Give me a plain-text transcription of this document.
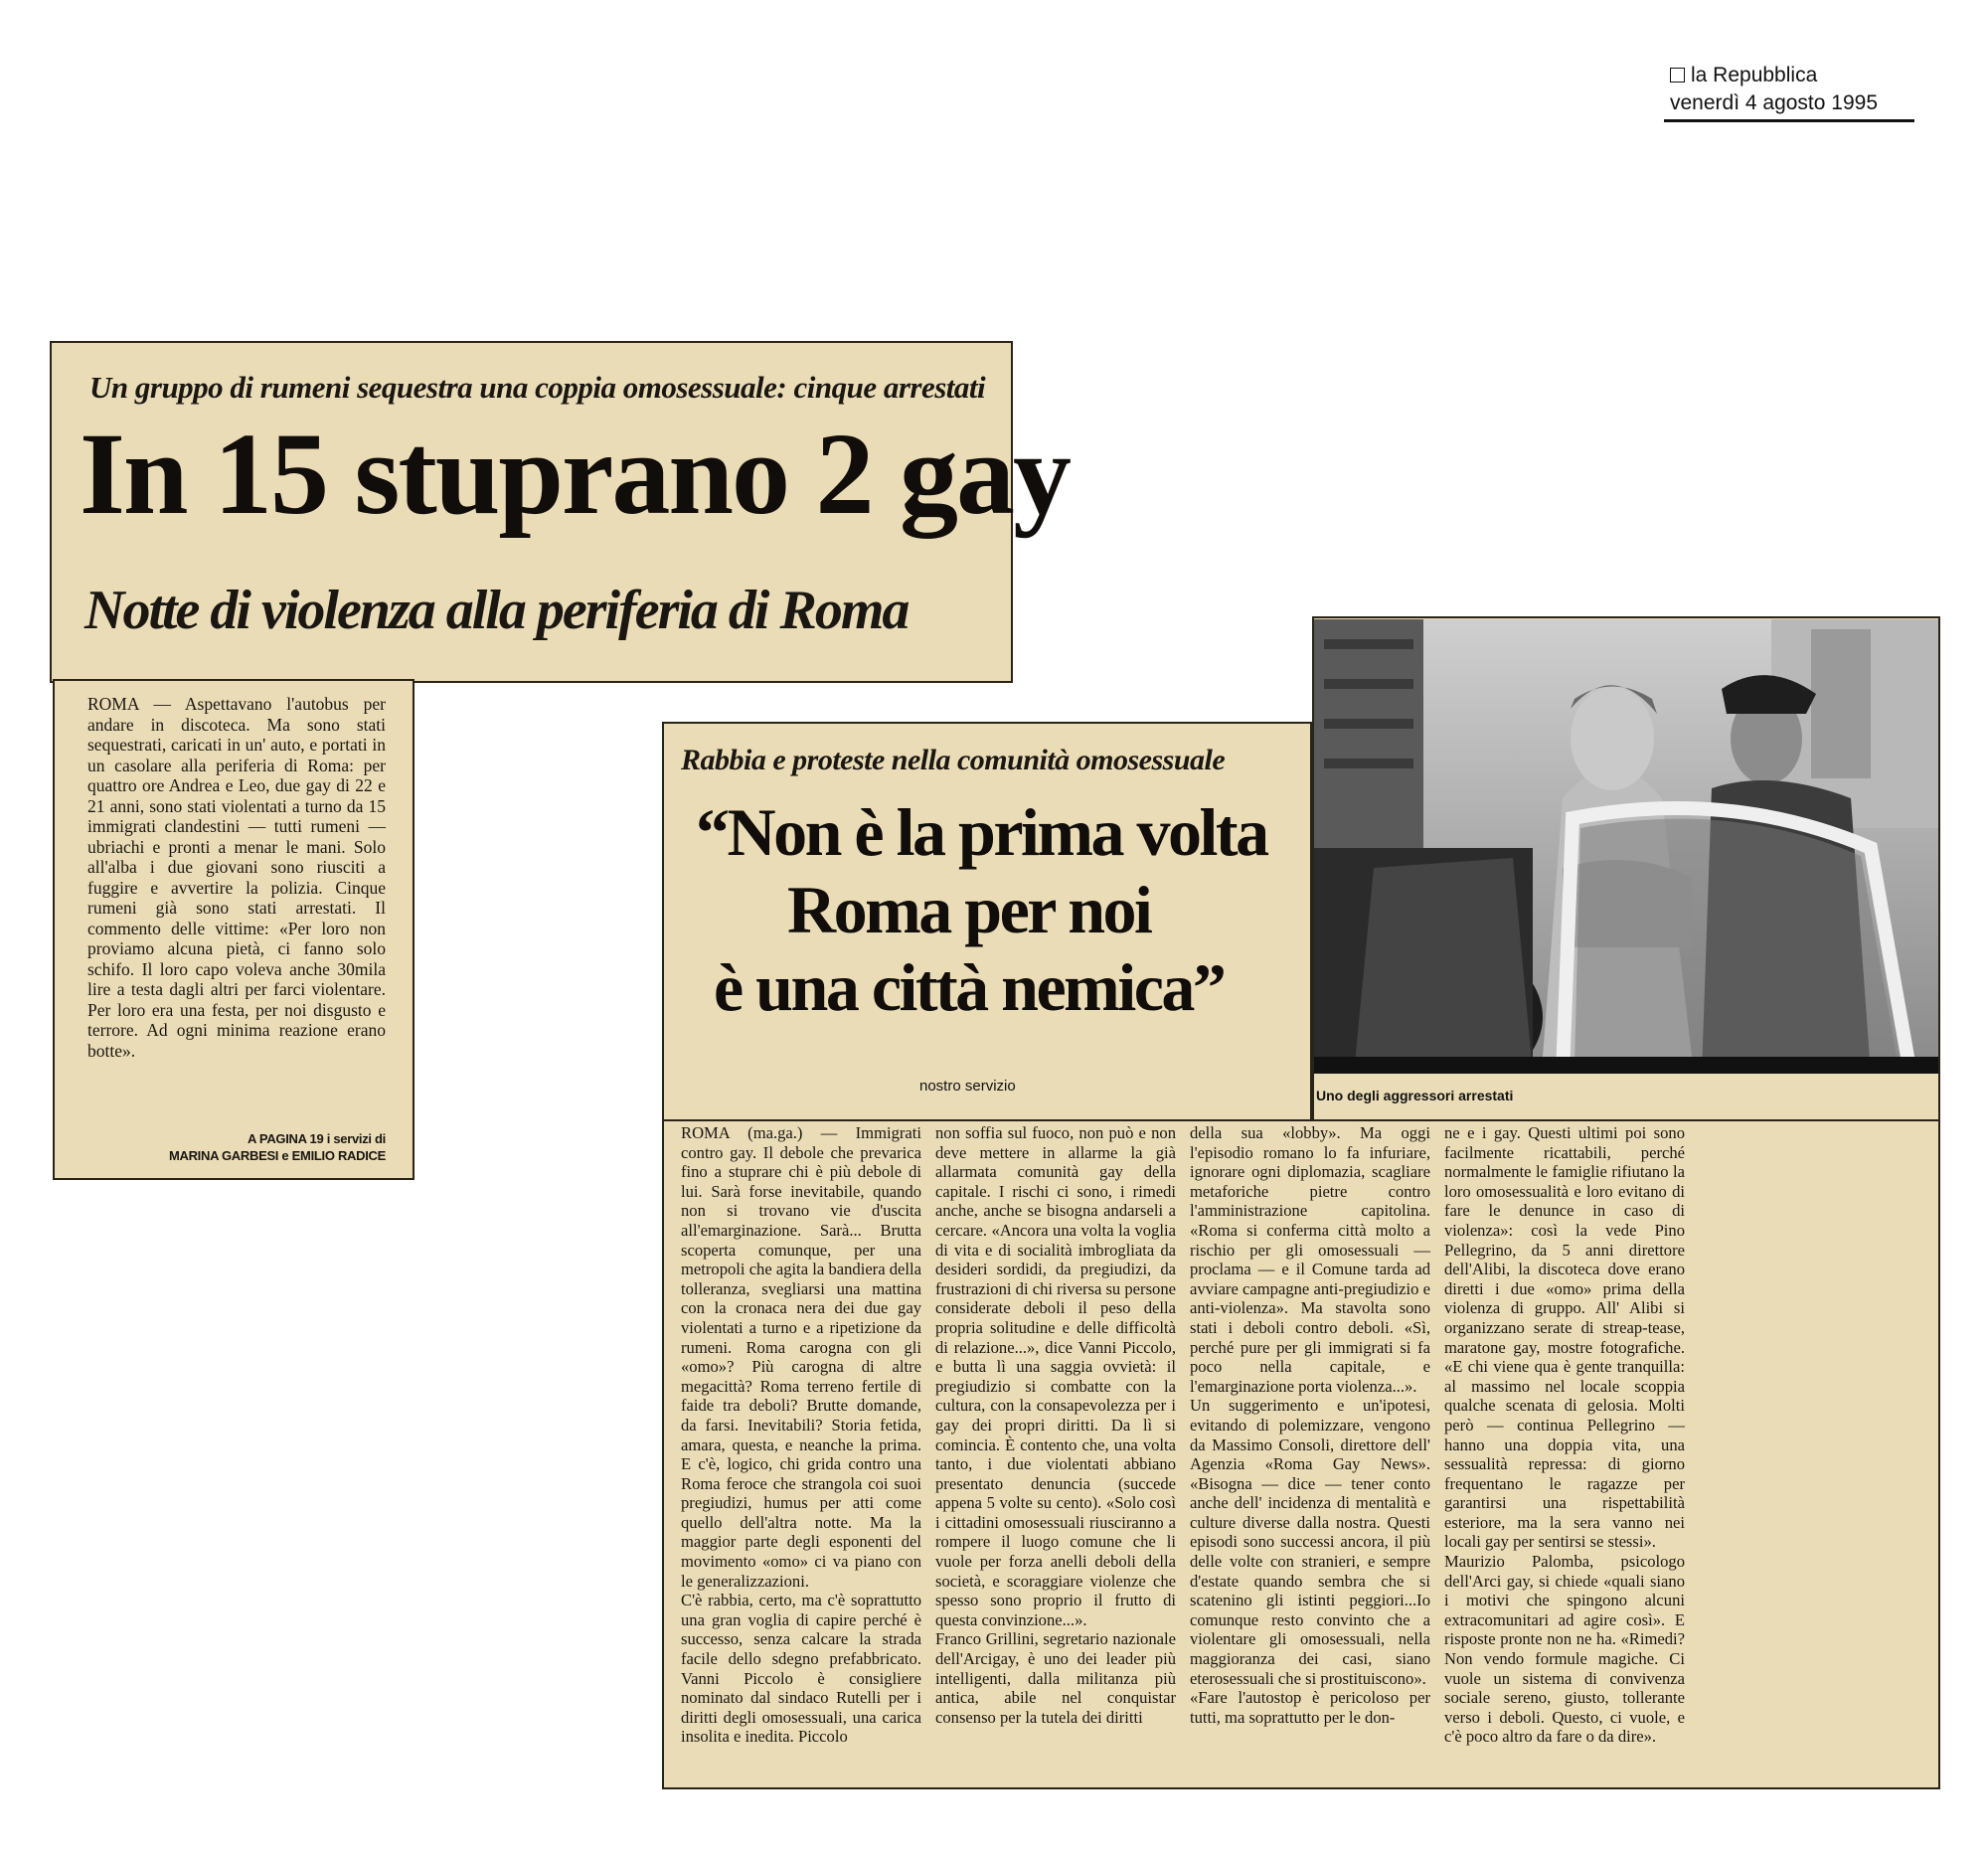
la Repubblica
venerdì 4 agosto 1995
Un gruppo di rumeni sequestra una coppia omosessuale: cinque arrestati
In 15 stuprano 2 gay
Notte di violenza alla periferia di Roma
ROMA — Aspettavano l'autobus per andare in discoteca. Ma sono stati sequestrati, caricati in un' auto, e portati in un casolare alla periferia di Roma: per quattro ore Andrea e Leo, due gay di 22 e 21 anni, sono stati violentati a turno da 15 immigrati clandestini — tutti rumeni — ubriachi e pronti a menar le mani. Solo all'alba i due giovani sono riusciti a fuggire e avvertire la polizia. Cinque rumeni già sono stati arrestati. Il commento delle vittime: «Per loro non proviamo alcuna pietà, ci fanno solo schifo. Il loro capo voleva anche 30mila lire a testa dagli altri per farci violentare. Per loro era una festa, per noi disgusto e terrore. Ad ogni minima reazione erano botte».
A PAGINA 19 i servizi di
MARINA GARBESI e EMILIO RADICE
Rabbia e proteste nella comunità omosessuale
“Non è la prima volta
Roma per noi
è una città nemica”
nostro servizio
Uno degli aggressori arrestati
ROMA (ma.ga.) — Immigrati contro gay. Il debole che prevarica fino a stuprare chi è più debole di lui. Sarà forse inevitabile, quando non si trovano vie d'uscita all'emarginazione. Sarà... Brutta scoperta comunque, per una metropoli che agita la bandiera della tolleranza, svegliarsi una mattina con la cronaca nera dei due gay violentati a turno e a ripetizione da rumeni. Roma carogna con gli «omo»? Più carogna di altre megacittà? Roma terreno fertile di faide tra deboli? Brutte domande, da farsi. Inevitabili? Storia fetida, amara, questa, e neanche la prima. E c'è, logico, chi grida contro una Roma feroce che strangola coi suoi pregiudizi, humus per atti come quello dell'altra notte. Ma la maggior parte degli esponenti del movimento «omo» ci va piano con le generalizzazioni.
C'è rabbia, certo, ma c'è soprattutto una gran voglia di capire perché è successo, senza calcare la strada facile dello sdegno prefabbricato. Vanni Piccolo è consigliere nominato dal sindaco Rutelli per i diritti degli omosessuali, una carica insolita e inedita. Piccolo
non soffia sul fuoco, non può e non deve mettere in allarme la già allarmata comunità gay della capitale. I rischi ci sono, i rimedi anche, anche se bisogna andarseli a cercare. «Ancora una volta la voglia di vita e di socialità imbrogliata da desideri sordidi, da pregiudizi, da frustrazioni di chi riversa su persone considerate deboli il peso della propria solitudine e delle difficoltà di relazione...», dice Vanni Piccolo, e butta lì una saggia ovvietà: il pregiudizio si combatte con la cultura, con la consapevolezza per i gay dei propri diritti. Da lì si comincia. È contento che, una volta tanto, i due violentati abbiano presentato denuncia (succede appena 5 volte su cento). «Solo così i cittadini omosessuali riusciranno a rompere il luogo comune che li vuole per forza anelli deboli della società, e scoraggiare violenze che spesso sono proprio il frutto di questa convinzione...».
Franco Grillini, segretario nazionale dell'Arcigay, è uno dei leader più intelligenti, dalla militanza più antica, abile nel conquistar consenso per la tutela dei diritti
della sua «lobby». Ma oggi l'episodio romano lo fa infuriare, ignorare ogni diplomazia, scagliare metaforiche pietre contro l'amministrazione capitolina. «Roma si conferma città molto a rischio per gli omosessuali — proclama — e il Comune tarda ad avviare campagne anti-pregiudizio e anti-violenza». Ma stavolta sono stati i deboli contro deboli. «Sì, perché pure per gli immigrati si fa poco nella capitale, e l'emarginazione porta violenza...».
Un suggerimento e un'ipotesi, evitando di polemizzare, vengono da Massimo Consoli, direttore dell' Agenzia «Roma Gay News». «Bisogna — dice — tener conto anche dell' incidenza di mentalità e culture diverse dalla nostra. Questi episodi sono successi ancora, il più delle volte con stranieri, e sempre d'estate quando sembra che si scatenino gli istinti peggiori...Io comunque resto convinto che a violentare gli omosessuali, nella maggioranza dei casi, siano eterosessuali che si prostituiscono».
«Fare l'autostop è pericoloso per tutti, ma soprattutto per le don-
ne e i gay. Questi ultimi poi sono facilmente ricattabili, perché normalmente le famiglie rifiutano la loro omosessualità e loro evitano di fare le denunce in caso di violenza»: così la vede Pino Pellegrino, da 5 anni direttore dell'Alibi, la discoteca dove erano diretti i due «omo» prima della violenza di gruppo. All' Alibi si organizzano serate di streap-tease, maratone gay, mostre fotografiche. «E chi viene qua è gente tranquilla: al massimo nel locale scoppia qualche scenata di gelosia. Molti però — continua Pellegrino — hanno una doppia vita, una sessualità repressa: di giorno frequentano le ragazze per garantirsi una rispettabilità esteriore, ma la sera vanno nei locali gay per sentirsi se stessi».
Maurizio Palomba, psicologo dell'Arci gay, si chiede «quali siano i motivi che spingono alcuni extracomunitari ad agire così». E risposte pronte non ne ha. «Rimedi? Non vendo formule magiche. Ci vuole un sistema di convivenza sociale sereno, giusto, tollerante verso i deboli. Questo, ci vuole, e c'è poco altro da fare o da dire».
